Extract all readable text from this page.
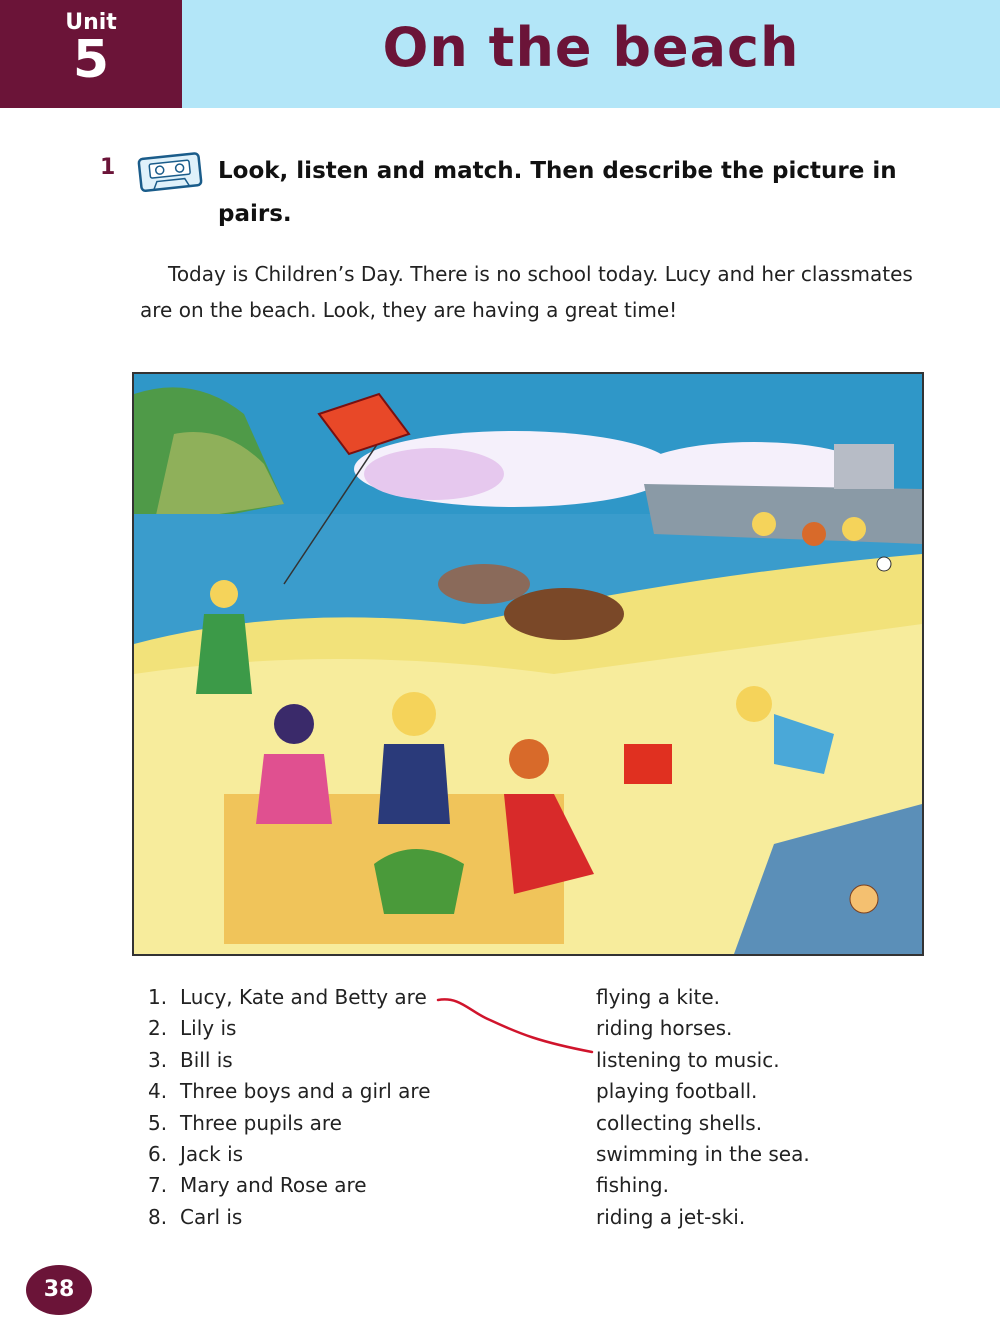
Unit
5	On the beach
1	Look, listen and match. Then describe the picture in pairs.
Today is Children’s Day. There is no school today. Lucy and her classmates are on the beach. Look, they are having a great time!
1. Lucy, Kate and Betty are
2. Lily is
3. Bill is
4. Three boys and a girl are
5. Three pupils are
6. Jack is
7. Mary and Rose are
8. Carl is
flying a kite.
riding horses.
listening to music.
playing football.
collecting shells.
swimming in the sea.
fishing.
riding a jet-ski.
38
